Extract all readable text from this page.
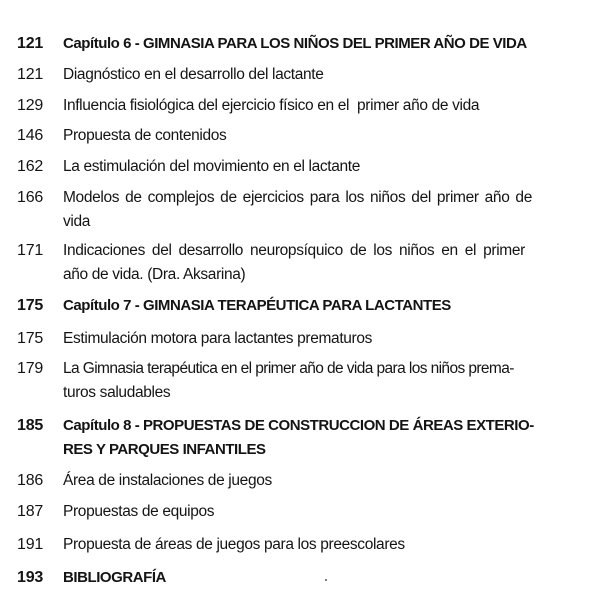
121	Capítulo 6 - GIMNASIA PARA LOS NIÑOS DEL PRIMER AÑO DE VIDA
121	Diagnóstico en el desarrollo del lactante
129	Influencia fisiológica del ejercicio físico en el  primer año de vida
146	Propuesta de contenidos
162	La estimulación del movimiento en el lactante
166	Modelos de complejos de ejercicios para los niños del primer año de
vida
171	Indicaciones del desarrollo neuropsíquico de los niños en el primer
año de vida. (Dra. Aksarina)
175	Capítulo 7 - GIMNASIA TERAPÉUTICA PARA LACTANTES
175	Estimulación motora para lactantes prematuros
179	La Gimnasia terapéutica en el primer año de vida para los niños prema-
turos saludables
185	Capítulo 8 - PROPUESTAS DE CONSTRUCCION DE ÁREAS EXTERIO-
RES Y PARQUES INFANTILES
186	Área de instalaciones de juegos
187	Propuestas de equipos
191	Propuesta de áreas de juegos para los preescolares
193	BIBLIOGRAFÍA
